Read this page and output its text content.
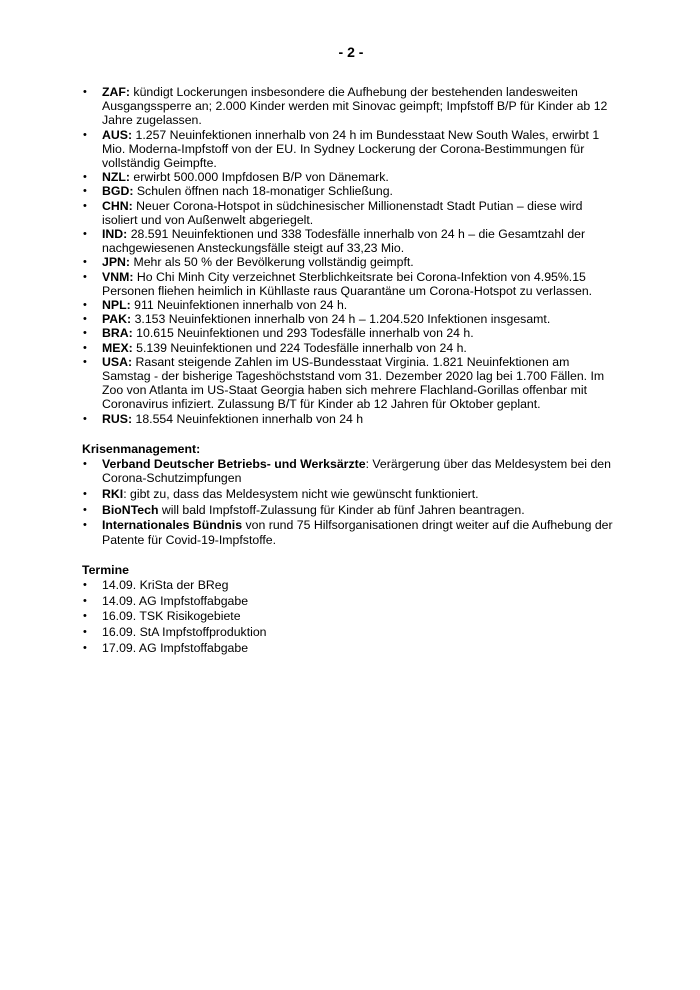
- 2 -
• ZAF: kündigt Lockerungen insbesondere die Aufhebung der bestehenden landesweiten Ausgangssperre an; 2.000 Kinder werden mit Sinovac geimpft; Impfstoff B/P für Kinder ab 12 Jahre zugelassen.
• AUS: 1.257 Neuinfektionen innerhalb von 24 h im Bundesstaat New South Wales, erwirbt 1 Mio. Moderna-Impfstoff von der EU. In Sydney Lockerung der Corona-Bestimmungen für vollständig Geimpfte.
• NZL: erwirbt 500.000 Impfdosen B/P von Dänemark.
• BGD: Schulen öffnen nach 18-monatiger Schließung.
• CHN: Neuer Corona-Hotspot in südchinesischer Millionenstadt Stadt Putian – diese wird isoliert und von Außenwelt abgeriegelt.
• IND: 28.591 Neuinfektionen und 338 Todesfälle innerhalb von 24 h – die Gesamtzahl der nachgewiesenen Ansteckungsfälle steigt auf 33,23 Mio.
• JPN: Mehr als 50 % der Bevölkerung vollständig geimpft.
• VNM: Ho Chi Minh City verzeichnet Sterblichkeitsrate bei Corona-Infektion von 4.95%.15 Personen fliehen heimlich in Kühllaste raus Quarantäne um Corona-Hotspot zu verlassen.
• NPL: 911 Neuinfektionen innerhalb von 24 h.
• PAK: 3.153 Neuinfektionen innerhalb von 24 h – 1.204.520 Infektionen insgesamt.
• BRA: 10.615 Neuinfektionen und 293 Todesfälle innerhalb von 24 h.
• MEX: 5.139 Neuinfektionen und 224 Todesfälle innerhalb von 24 h.
• USA: Rasant steigende Zahlen im US-Bundesstaat Virginia. 1.821 Neuinfektionen am Samstag - der bisherige Tageshöchststand vom 31. Dezember 2020 lag bei 1.700 Fällen. Im Zoo von Atlanta im US-Staat Georgia haben sich mehrere Flachland-Gorillas offenbar mit Coronavirus infiziert. Zulassung B/T für Kinder ab 12 Jahren für Oktober geplant.
• RUS: 18.554 Neuinfektionen innerhalb von 24 h
Krisenmanagement:
• Verband Deutscher Betriebs- und Werksärzte: Verärgerung über das Meldesystem bei den Corona-Schutzimpfungen
• RKI: gibt zu, dass das Meldesystem nicht wie gewünscht funktioniert.
• BioNTech will bald Impfstoff-Zulassung für Kinder ab fünf Jahren beantragen.
• Internationales Bündnis von rund 75 Hilfsorganisationen dringt weiter auf die Aufhebung der Patente für Covid-19-Impfstoffe.
Termine
• 14.09. KriSta der BReg
• 14.09. AG Impfstoffabgabe
• 16.09. TSK Risikogebiete
• 16.09. StA Impfstoffproduktion
• 17.09. AG Impfstoffabgabe
